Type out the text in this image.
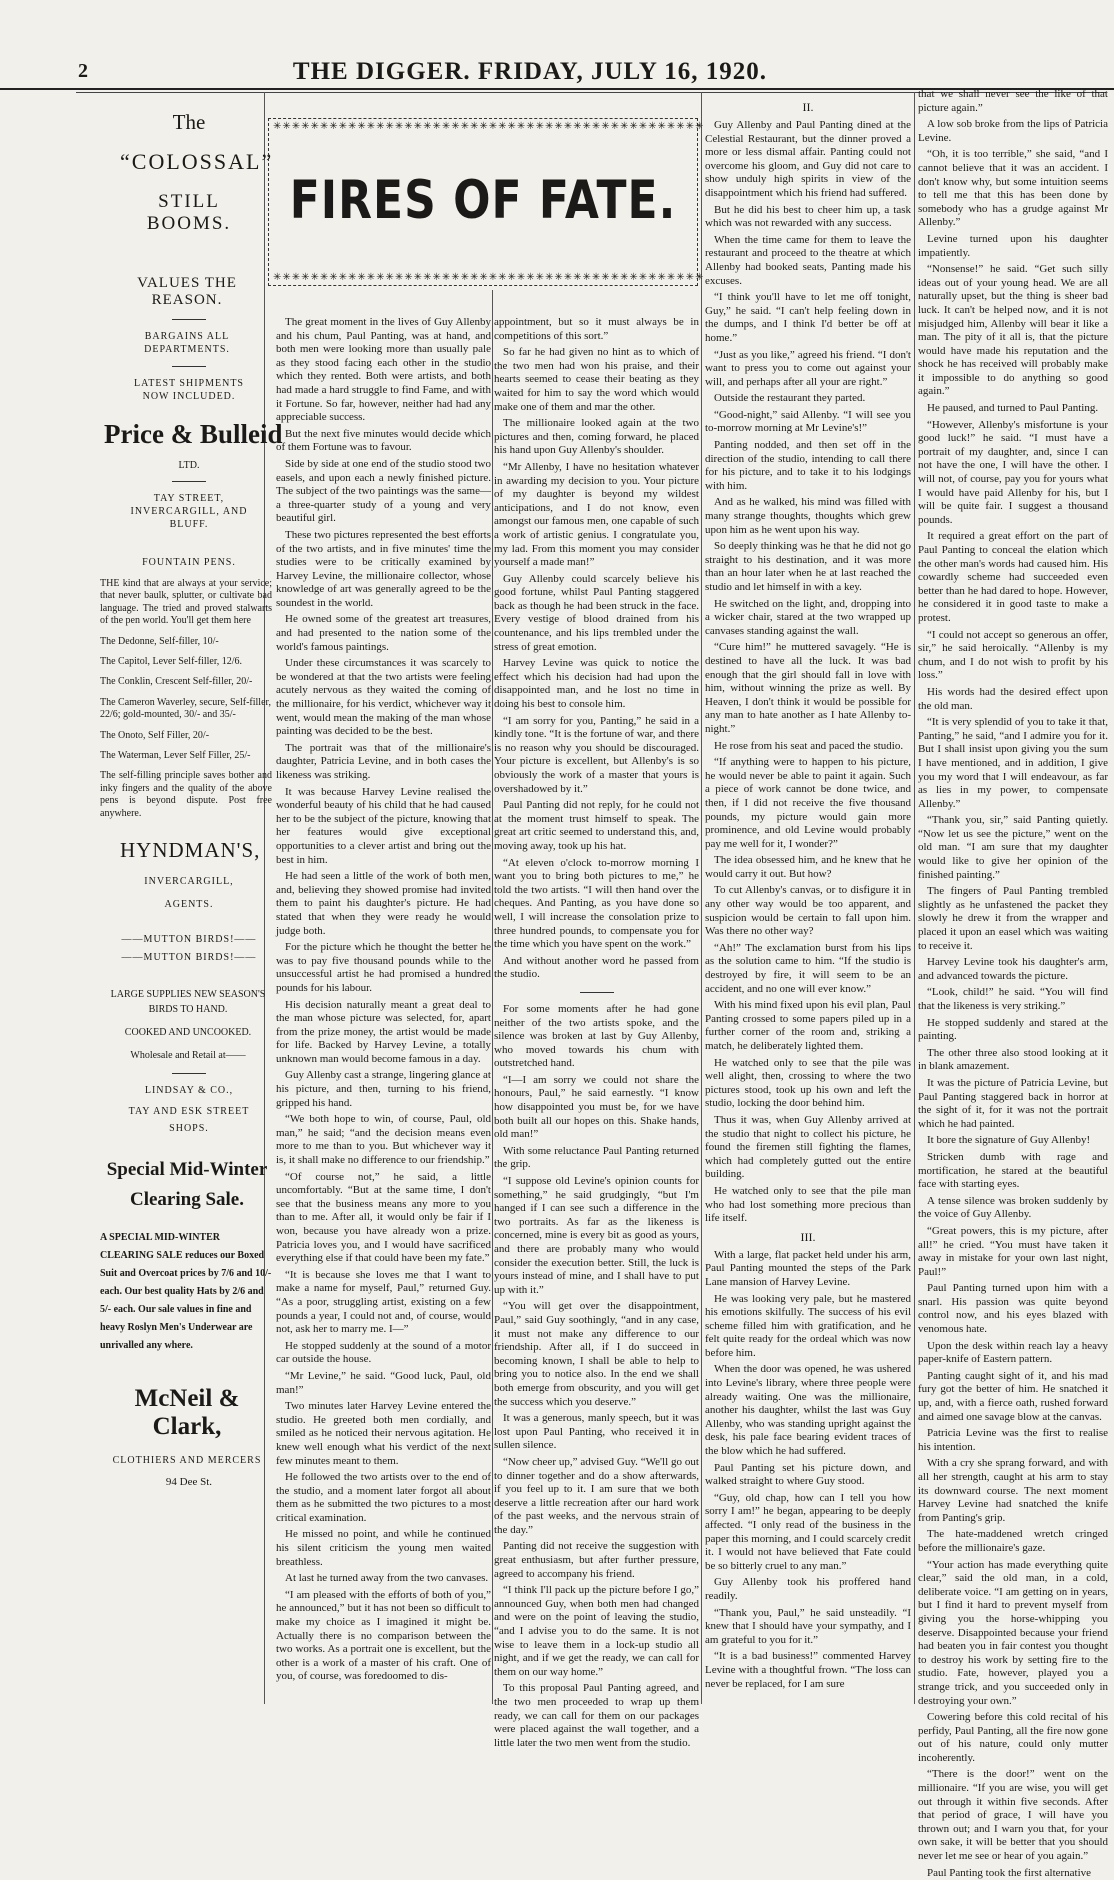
2	THE DIGGER. FRIDAY, JULY 16, 1920.
The
“COLOSSAL”
STILL BOOMS.
VALUES THE REASON.
BARGAINS ALL DEPARTMENTS.
LATEST SHIPMENTS NOW INCLUDED.
Price & Bulleid
LTD.
TAY STREET, INVERCARGILL, AND BLUFF.
FOUNTAIN PENS.

THE kind that are always at your service; that never baulk, splutter, or cultivate bad language. The tried and proved stalwarts of the pen world. You'll get them here

The Dedonne, Self-filler, 10/-

The Capitol, Lever Self-filler, 12/6.

The Conklin, Crescent Self-filler, 20/-

The Cameron Waverley, secure, Self-filler, 22/6; gold-mounted, 30/- and 35/-

The Onoto, Self Filler, 20/-

The Waterman, Lever Self Filler, 25/-

The self-filling principle saves bother and inky fingers and the quality of the above pens is beyond dispute. Post free anywhere.

HYNDMAN'S,
INVERCARGILL,
AGENTS.
——MUTTON BIRDS!——
——MUTTON BIRDS!——
LARGE SUPPLIES NEW SEASON'S BIRDS TO HAND.
COOKED AND UNCOOKED.
Wholesale and Retail at——
LINDSAY & CO.,
TAY AND ESK STREET SHOPS.
Special Mid-Winter
Clearing Sale.
A SPECIAL MID-WINTER CLEARING SALE reduces our Boxed Suit and Overcoat prices by 7/6 and 10/- each. Our best quality Hats by 2/6 and 5/- each. Our sale values in fine and heavy Roslyn Men's Underwear are unrivalled any where.
McNeil & Clark,
CLOTHIERS AND MERCERS
94 Dee St.
✳✳✳✳✳✳✳✳✳✳✳✳✳✳✳✳✳✳✳✳✳✳✳✳✳✳✳✳✳✳✳✳✳✳✳✳✳✳✳✳✳✳✳✳✳✳
✳✳✳✳✳✳✳✳✳✳✳✳✳✳✳✳✳✳✳✳✳✳✳✳✳✳✳✳✳✳✳✳✳✳✳✳✳✳✳✳✳✳✳✳✳✳
FIRES OF FATE.

The great moment in the lives of Guy Allenby and his chum, Paul Panting, was at hand, and both men were looking more than usually pale as they stood facing each other in the studio which they rented. Both were artists, and both had made a hard struggle to find Fame, and with it Fortune. So far, however, neither had had any appreciable success.

But the next five minutes would decide which of them Fortune was to favour.

Side by side at one end of the studio stood two easels, and upon each a newly finished picture. The subject of the two paintings was the same—a three-quarter study of a young and very beautiful girl.

These two pictures represented the best efforts of the two artists, and in five minutes' time the studies were to be critically examined by Harvey Levine, the millionaire collector, whose knowledge of art was generally agreed to be the soundest in the world.

He owned some of the greatest art treasures, and had presented to the nation some of the world's famous paintings.

Under these circumstances it was scarcely to be wondered at that the two artists were feeling acutely nervous as they waited the coming of the millionaire, for his verdict, whichever way it went, would mean the making of the man whose painting was decided to be the best.

The portrait was that of the millionaire's daughter, Patricia Levine, and in both cases the likeness was striking.

It was because Harvey Levine realised the wonderful beauty of his child that he had caused her to be the subject of the picture, knowing that her features would give exceptional opportunities to a clever artist and bring out the best in him.

He had seen a little of the work of both men, and, believing they showed promise had invited them to paint his daughter's picture. He had stated that when they were ready he would judge both.

For the picture which he thought the better he was to pay five thousand pounds while to the unsuccessful artist he had promised a hundred pounds for his labour.

His decision naturally meant a great deal to the man whose picture was selected, for, apart from the prize money, the artist would be made for life. Backed by Harvey Levine, a totally unknown man would become famous in a day.

Guy Allenby cast a strange, lingering glance at his picture, and then, turning to his friend, gripped his hand.

“We both hope to win, of course, Paul, old man,” he said; “and the decision means even more to me than to you. But whichever way it is, it shall make no difference to our friendship.”

“Of course not,” he said, a little uncomfortably. “But at the same time, I don't see that the business means any more to you than to me. After all, it would only be fair if I won, because you have already won a prize. Patricia loves you, and I would have sacrificed everything else if that could have been my fate.”

“It is because she loves me that I want to make a name for myself, Paul,” returned Guy. “As a poor, struggling artist, existing on a few pounds a year, I could not and, of course, would not, ask her to marry me. I—”

He stopped suddenly at the sound of a motor car outside the house.

“Mr Levine,” he said. “Good luck, Paul, old man!”

Two minutes later Harvey Levine entered the studio. He greeted both men cordially, and smiled as he noticed their nervous agitation. He knew well enough what his verdict of the next few minutes meant to them.

He followed the two artists over to the end of the studio, and a moment later forgot all about them as he submitted the two pictures to a most critical examination.

He missed no point, and while he continued his silent criticism the young men waited breathless.

At last he turned away from the two canvases.

“I am pleased with the efforts of both of you,” he announced,” but it has not been so difficult to make my choice as I imagined it might be. Actually there is no comparison between the two works. As a portrait one is excellent, but the other is a work of a master of his craft. One of you, of course, was foredoomed to dis-

appointment, but so it must always be in competitions of this sort.”

So far he had given no hint as to which of the two men had won his praise, and their hearts seemed to cease their beating as they waited for him to say the word which would make one of them and mar the other.

The millionaire looked again at the two pictures and then, coming forward, he placed his hand upon Guy Allenby's shoulder.

“Mr Allenby, I have no hesitation whatever in awarding my decision to you. Your picture of my daughter is beyond my wildest anticipations, and I do not know, even amongst our famous men, one capable of such a work of artistic genius. I congratulate you, my lad. From this moment you may consider yourself a made man!”

Guy Allenby could scarcely believe his good fortune, whilst Paul Panting staggered back as though he had been struck in the face. Every vestige of blood drained from his countenance, and his lips trembled under the stress of great emotion.

Harvey Levine was quick to notice the effect which his decision had had upon the disappointed man, and he lost no time in doing his best to console him.

“I am sorry for you, Panting,” he said in a kindly tone. “It is the fortune of war, and there is no reason why you should be discouraged. Your picture is excellent, but Allenby's is so obviously the work of a master that yours is overshadowed by it.”

Paul Panting did not reply, for he could not at the moment trust himself to speak. The great art critic seemed to understand this, and, moving away, took up his hat.

“At eleven o'clock to-morrow morning I want you to bring both pictures to me,” he told the two artists. “I will then hand over the cheques. And Panting, as you have done so well, I will increase the consolation prize to three hundred pounds, to compensate you for the time which you have spent on the work.”

And without another word he passed from the studio.

For some moments after he had gone neither of the two artists spoke, and the silence was broken at last by Guy Allenby, who moved towards his chum with outstretched hand.

“I—I am sorry we could not share the honours, Paul,” he said earnestly. “I know how disappointed you must be, for we have both built all our hopes on this. Shake hands, old man!”

With some reluctance Paul Panting returned the grip.

“I suppose old Levine's opinion counts for something,” he said grudgingly, “but I'm hanged if I can see such a difference in the two portraits. As far as the likeness is concerned, mine is every bit as good as yours, and there are probably many who would consider the execution better. Still, the luck is yours instead of mine, and I shall have to put up with it.”

“You will get over the disappointment, Paul,” said Guy soothingly, “and in any case, it must not make any difference to our friendship. After all, if I do succeed in becoming known, I shall be able to help to bring you to notice also. In the end we shall both emerge from obscurity, and you will get the success which you deserve.”

It was a generous, manly speech, but it was lost upon Paul Panting, who received it in sullen silence.

“Now cheer up,” advised Guy. “We'll go out to dinner together and do a show afterwards, if you feel up to it. I am sure that we both deserve a little recreation after our hard work of the past weeks, and the nervous strain of the day.”

Panting did not receive the suggestion with great enthusiasm, but after further pressure, agreed to accompany his friend.

“I think I'll pack up the picture before I go,” announced Guy, when both men had changed and were on the point of leaving the studio, “and I advise you to do the same. It is not wise to leave them in a lock-up studio all night, and if we get the ready, we can call for them on our way home.”

To this proposal Paul Panting agreed, and the two men proceeded to wrap up them ready, we can call for them on our packages were placed against the wall together, and a little later the two men went from the studio.

II.

Guy Allenby and Paul Panting dined at the Celestial Restaurant, but the dinner proved a more or less dismal affair. Panting could not overcome his gloom, and Guy did not care to show unduly high spirits in view of the disappointment which his friend had suffered.

But he did his best to cheer him up, a task which was not rewarded with any success.

When the time came for them to leave the restaurant and proceed to the theatre at which Allenby had booked seats, Panting made his excuses.

“I think you'll have to let me off tonight, Guy,” he said. “I can't help feeling down in the dumps, and I think I'd better be off at home.”

“Just as you like,” agreed his friend. “I don't want to press you to come out against your will, and perhaps after all your are right.”

Outside the restaurant they parted.

“Good-night,” said Allenby. “I will see you to-morrow morning at Mr Levine's!”

Panting nodded, and then set off in the direction of the studio, intending to call there for his picture, and to take it to his lodgings with him.

And as he walked, his mind was filled with many strange thoughts, thoughts which grew upon him as he went upon his way.

So deeply thinking was he that he did not go straight to his destination, and it was more than an hour later when he at last reached the studio and let himself in with a key.

He switched on the light, and, dropping into a wicker chair, stared at the two wrapped up canvases standing against the wall.

“Cure him!” he muttered savagely. “He is destined to have all the luck. It was bad enough that the girl should fall in love with him, without winning the prize as well. By Heaven, I don't think it would be possible for any man to hate another as I hate Allenby to-night.”

He rose from his seat and paced the studio.

“If anything were to happen to his picture, he would never be able to paint it again. Such a piece of work cannot be done twice, and then, if I did not receive the five thousand pounds, my picture would gain more prominence, and old Levine would probably pay me well for it, I wonder?”

The idea obsessed him, and he knew that he would carry it out. But how?

To cut Allenby's canvas, or to disfigure it in any other way would be too apparent, and suspicion would be certain to fall upon him. Was there no other way?

“Ah!” The exclamation burst from his lips as the solution came to him. “If the studio is destroyed by fire, it will seem to be an accident, and no one will ever know.”

With his mind fixed upon his evil plan, Paul Panting crossed to some papers piled up in a further corner of the room and, striking a match, he deliberately lighted them.

He watched only to see that the pile was well alight, then, crossing to where the two pictures stood, took up his own and left the studio, locking the door behind him.

Thus it was, when Guy Allenby arrived at the studio that night to collect his picture, he found the firemen still fighting the flames, which had completely gutted out the entire building.

He watched only to see that the pile man who had lost something more precious than life itself.

III.

With a large, flat packet held under his arm, Paul Panting mounted the steps of the Park Lane mansion of Harvey Levine.

He was looking very pale, but he mastered his emotions skilfully. The success of his evil scheme filled him with gratification, and he felt quite ready for the ordeal which was now before him.

When the door was opened, he was ushered into Levine's library, where three people were already waiting. One was the millionaire, another his daughter, whilst the last was Guy Allenby, who was standing upright against the desk, his pale face bearing evident traces of the blow which he had suffered.

Paul Panting set his picture down, and walked straight to where Guy stood.

“Guy, old chap, how can I tell you how sorry I am!” he began, appearing to be deeply affected. “I only read of the business in the paper this morning, and I could scarcely credit it. I would not have believed that Fate could be so bitterly cruel to any man.”

Guy Allenby took his proffered hand readily.

“Thank you, Paul,” he said unsteadily. “I knew that I should have your sympathy, and I am grateful to you for it.”

“It is a bad business!” commented Harvey Levine with a thoughtful frown. “The loss can never be replaced, for I am sure

that we shall never see the like of that picture again.”

A low sob broke from the lips of Patricia Levine.

“Oh, it is too terrible,” she said, “and I cannot believe that it was an accident. I don't know why, but some intuition seems to tell me that this has been done by somebody who has a grudge against Mr Allenby.”

Levine turned upon his daughter impatiently.

“Nonsense!” he said. “Get such silly ideas out of your young head. We are all naturally upset, but the thing is sheer bad luck. It can't be helped now, and it is not misjudged him, Allenby will bear it like a man. The pity of it all is, that the picture would have made his reputation and the shock he has received will probably make it impossible to do anything so good again.”

He paused, and turned to Paul Panting.

“However, Allenby's misfortune is your good luck!” he said. “I must have a portrait of my daughter, and, since I can not have the one, I will have the other. I will not, of course, pay you for yours what I would have paid Allenby for his, but I will be quite fair. I suggest a thousand pounds.

It required a great effort on the part of Paul Panting to conceal the elation which the other man's words had caused him. His cowardly scheme had succeeded even better than he had dared to hope. However, he considered it in good taste to make a protest.

“I could not accept so generous an offer, sir,” he said heroically. “Allenby is my chum, and I do not wish to profit by his loss.”

His words had the desired effect upon the old man.

“It is very splendid of you to take it that, Panting,” he said, “and I admire you for it. But I shall insist upon giving you the sum I have mentioned, and in addition, I give you my word that I will endeavour, as far as lies in my power, to compensate Allenby.”

“Thank you, sir,” said Panting quietly. “Now let us see the picture,” went on the old man. “I am sure that my daughter would like to give her opinion of the finished painting.”

The fingers of Paul Panting trembled slightly as he unfastened the packet they slowly he drew it from the wrapper and placed it upon an easel which was waiting to receive it.

Harvey Levine took his daughter's arm, and advanced towards the picture.

“Look, child!” he said. “You will find that the likeness is very striking.”

He stopped suddenly and stared at the painting.

The other three also stood looking at it in blank amazement.

It was the picture of Patricia Levine, but Paul Panting staggered back in horror at the sight of it, for it was not the portrait which he had painted.

It bore the signature of Guy Allenby!

Stricken dumb with rage and mortification, he stared at the beautiful face with starting eyes.

A tense silence was broken suddenly by the voice of Guy Allenby.

“Great powers, this is my picture, after all!” he cried. “You must have taken it away in mistake for your own last night, Paul!”

Paul Panting turned upon him with a snarl. His passion was quite beyond control now, and his eyes blazed with venomous hate.

Upon the desk within reach lay a heavy paper-knife of Eastern pattern.

Panting caught sight of it, and his mad fury got the better of him. He snatched it up, and, with a fierce oath, rushed forward and aimed one savage blow at the canvas.

Patricia Levine was the first to realise his intention.

With a cry she sprang forward, and with all her strength, caught at his arm to stay its downward course. The next moment Harvey Levine had snatched the knife from Panting's grip.

The hate-maddened wretch cringed before the millionaire's gaze.

“Your action has made everything quite clear,” said the old man, in a cold, deliberate voice. “I am getting on in years, but I find it hard to prevent myself from giving you the horse-whipping you deserve. Disappointed because your friend had beaten you in fair contest you thought to destroy his work by setting fire to the studio. Fate, however, played you a strange trick, and you succeeded only in destroying your own.”

Cowering before this cold recital of his perfidy, Paul Panting, all the fire now gone out of his nature, could only mutter incoherently.

“There is the door!” went on the millionaire. “If you are wise, you will get out through it within five seconds. After that period of grace, I will have you thrown out; and I warn you that, for your own sake, it will be better that you should never let me see or hear of you again.”

Paul Panting took the first alternative
